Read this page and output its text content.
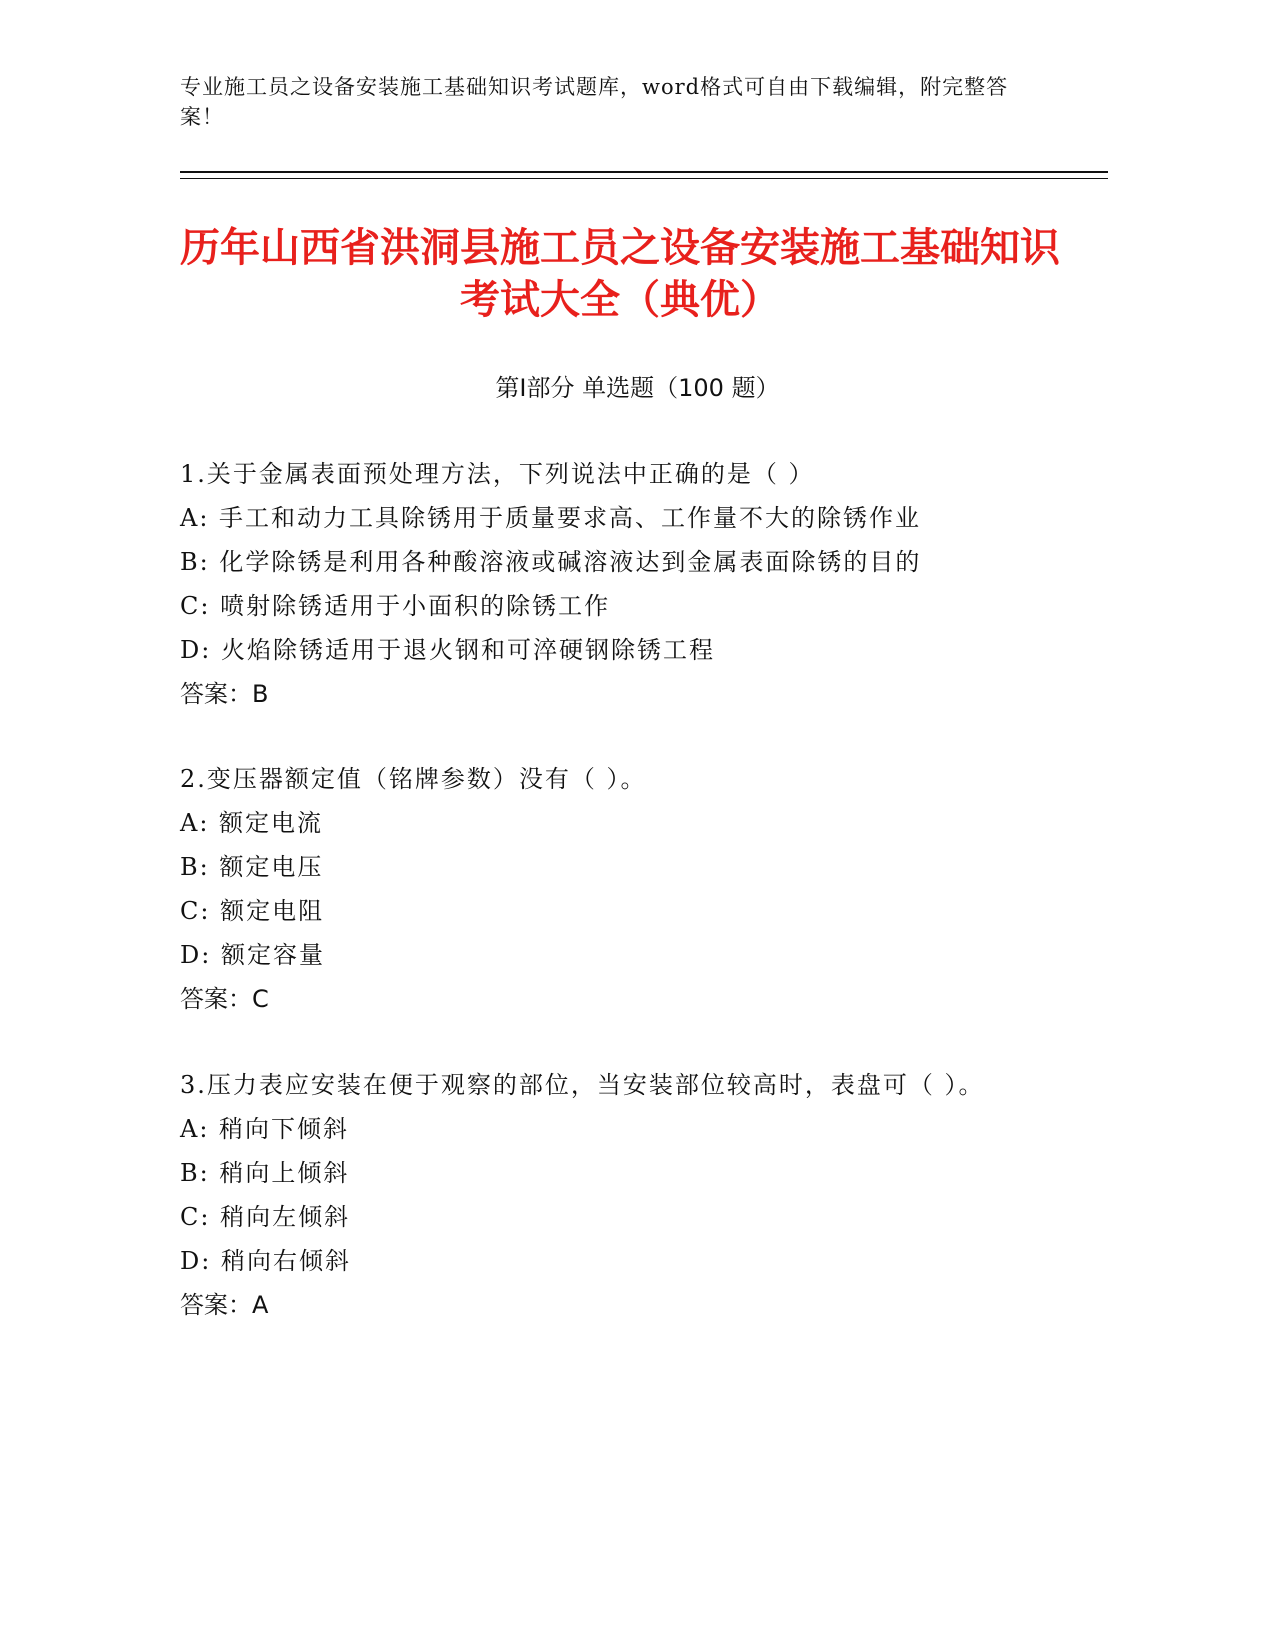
专业施工员之设备安装施工基础知识考试题库，word格式可自由下载编辑，附完整答案！
历年山西省洪洞县施工员之设备安装施工基础知识考试大全（典优）
第Ⅰ部分 单选题（100 题）

1.关于金属表面预处理方法，下列说法中正确的是（ ）

A: 手工和动力工具除锈用于质量要求高、工作量不大的除锈作业

B: 化学除锈是利用各种酸溶液或碱溶液达到金属表面除锈的目的

C: 喷射除锈适用于小面积的除锈工作

D: 火焰除锈适用于退火钢和可淬硬钢除锈工程

答案：B

2.变压器额定值（铭牌参数）没有（ ）。

A: 额定电流

B: 额定电压

C: 额定电阻

D: 额定容量

答案：C

3.压力表应安装在便于观察的部位，当安装部位较高时，表盘可（ ）。

A: 稍向下倾斜

B: 稍向上倾斜

C: 稍向左倾斜

D: 稍向右倾斜

答案：A
